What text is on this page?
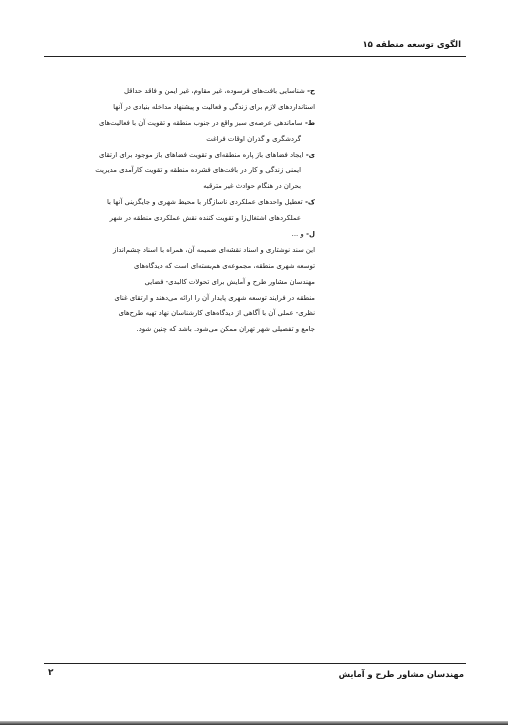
الگوی توسعه منطقه ۱۵
ح- شناسایی بافت‌های فرسوده، غیر مقاوم، غیر ایمن و فاقد حداقل
استانداردهای لازم برای زندگی و فعالیت و پیشنهاد مداخله بنیادی در آنها
ط- ساماندهی عرصه‌ی سبز واقع در جنوب منطقه و تقویت آن با فعالیت‌های
گردشگری و گذران اوقات فراغت
ی- ایجاد فضاهای باز پاره منطقه‌ای و تقویت فضاهای باز موجود برای ارتقای
ایمنی زندگی و کار در بافت‌های فشرده منطقه و تقویت کارآمدی مدیریت
بحران در هنگام حوادث غیر مترقبه
ک- تعطیل واحدهای عملکردی ناسازگار با محیط شهری و جایگزینی آنها با
عملکردهای اشتغال‌زا و تقویت کننده نقش عملکردی منطقه در شهر
ل- و ...
این سند نوشتاری و اسناد نقشه‌ای ضمیمه آن، همراه با اسناد چشم‌انداز
توسعه شهری منطقه، مجموعه‌ی هم‌بسته‌ای است که دیدگاه‌های
مهندسان مشاور طرح و آمایش برای تحولات کالبدی- فضایی
منطقه در فرایند توسعه شهری پایدار آن را ارائه می‌دهند و ارتقای غنای
نظری- عملی آن با آگاهی از دیدگاه‌های کارشناسان نهاد تهیه طرح‌های
جامع و تفصیلی شهر تهران ممکن می‌شود. باشد که چنین شود.
مهندسان مشاور طرح و آمایش
۲
